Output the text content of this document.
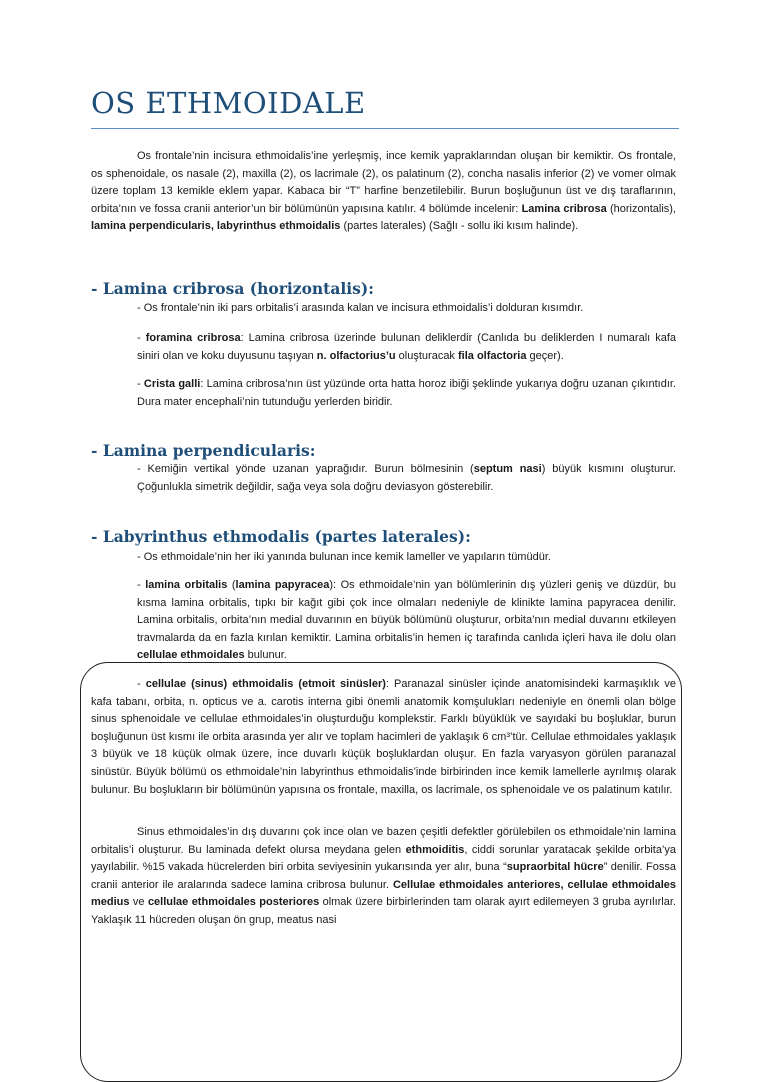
OS ETHMOIDALE

Os frontale’nin incisura ethmoidalis’ine yerleşmiş, ince kemik yapraklarından oluşan bir kemiktir. Os frontale, os sphenoidale, os nasale (2), maxilla (2), os lacrimale (2), os palatinum (2), concha nasalis inferior (2) ve vomer olmak üzere toplam 13 kemikle eklem yapar. Kabaca bir “T” harfine benzetilebilir. Burun boşluğunun üst ve dış taraflarının, orbita’nın ve fossa cranii anterior’un bir bölümünün yapısına katılır. 4 bölümde incelenir: Lamina cribrosa (horizontalis), lamina perpendicularis, labyrinthus ethmoidalis (partes laterales) (Sağlı - sollu iki kısım halinde).

- Lamina cribrosa (horizontalis):

- Os frontale’nin iki pars orbitalis’i arasında kalan ve incisura ethmoidalis’i dolduran kısımdır.

- foramina cribrosa: Lamina cribrosa üzerinde bulunan deliklerdir (Canlıda bu deliklerden I numaralı kafa siniri olan ve koku duyusunu taşıyan n. olfactorius’u oluşturacak fila olfactoria geçer).

- Crista galli: Lamina cribrosa’nın üst yüzünde orta hatta horoz ibiği şeklinde yukarıya doğru uzanan çıkıntıdır. Dura mater encephali’nin tutunduğu yerlerden biridir.

- Lamina perpendicularis:

- Kemiğin vertikal yönde uzanan yaprağıdır. Burun bölmesinin (septum nasi) büyük kısmını oluşturur. Çoğunlukla simetrik değildir, sağa veya sola doğru deviasyon gösterebilir.

- Labyrinthus ethmodalis (partes laterales):

- Os ethmoidale’nin her iki yanında bulunan ince kemik lameller ve yapıların tümüdür.

- lamina orbitalis (lamina papyracea): Os ethmoidale’nin yan bölümlerinin dış yüzleri geniş ve düzdür, bu kısma lamina orbitalis, tıpkı bir kağıt gibi çok ince olmaları nedeniyle de klinikte lamina papyracea denilir. Lamina orbitalis, orbita’nın medial duvarının en büyük bölümünü oluşturur, orbita’nın medial duvarını etkileyen travmalarda da en fazla kırılan kemiktir. Lamina orbitalis’in hemen iç tarafında canlıda içleri hava ile dolu olan cellulae ethmoidales bulunur.

- cellulae (sinus) ethmoidalis (etmoit sinüsler): Paranazal sinüsler içinde anatomisindeki karmaşıklık ve kafa tabanı, orbita, n. opticus ve a. carotis interna gibi önemli anatomik komşulukları nedeniyle en önemli olan bölge sinus sphenoidale ve cellulae ethmoidales’in oluşturduğu komplekstir. Farklı büyüklük ve sayıdaki bu boşluklar, burun boşluğunun üst kısmı ile orbita arasında yer alır ve toplam hacimleri de yaklaşık 6 cm³’tür. Cellulae ethmoidales yaklaşık 3 büyük ve 18 küçük olmak üzere, ince duvarlı küçük boşluklardan oluşur. En fazla varyasyon görülen paranazal sinüstür. Büyük bölümü os ethmoidale’nin labyrinthus ethmoidalis’inde birbirinden ince kemik lamellerle ayrılmış olarak bulunur. Bu boşlukların bir bölümünün yapısına os frontale, maxilla, os lacrimale, os sphenoidale ve os palatinum katılır.

Sinus ethmoidales’in dış duvarını çok ince olan ve bazen çeşitli defektler görülebilen os ethmoidale’nin lamina orbitalis’i oluşturur. Bu laminada defekt olursa meydana gelen ethmoiditis, ciddi sorunlar yaratacak şekilde orbita’ya yayılabilir. %15 vakada hücrelerden biri orbita seviyesinin yukarısında yer alır, buna “supraorbital hücre” denilir. Fossa cranii anterior ile aralarında sadece lamina cribrosa bulunur. Cellulae ethmoidales anteriores, cellulae ethmoidales medius ve cellulae ethmoidales posteriores olmak üzere birbirlerinden tam olarak ayırt edilemeyen 3 gruba ayrılırlar. Yaklaşık 11 hücreden oluşan ön grup, meatus nasi
